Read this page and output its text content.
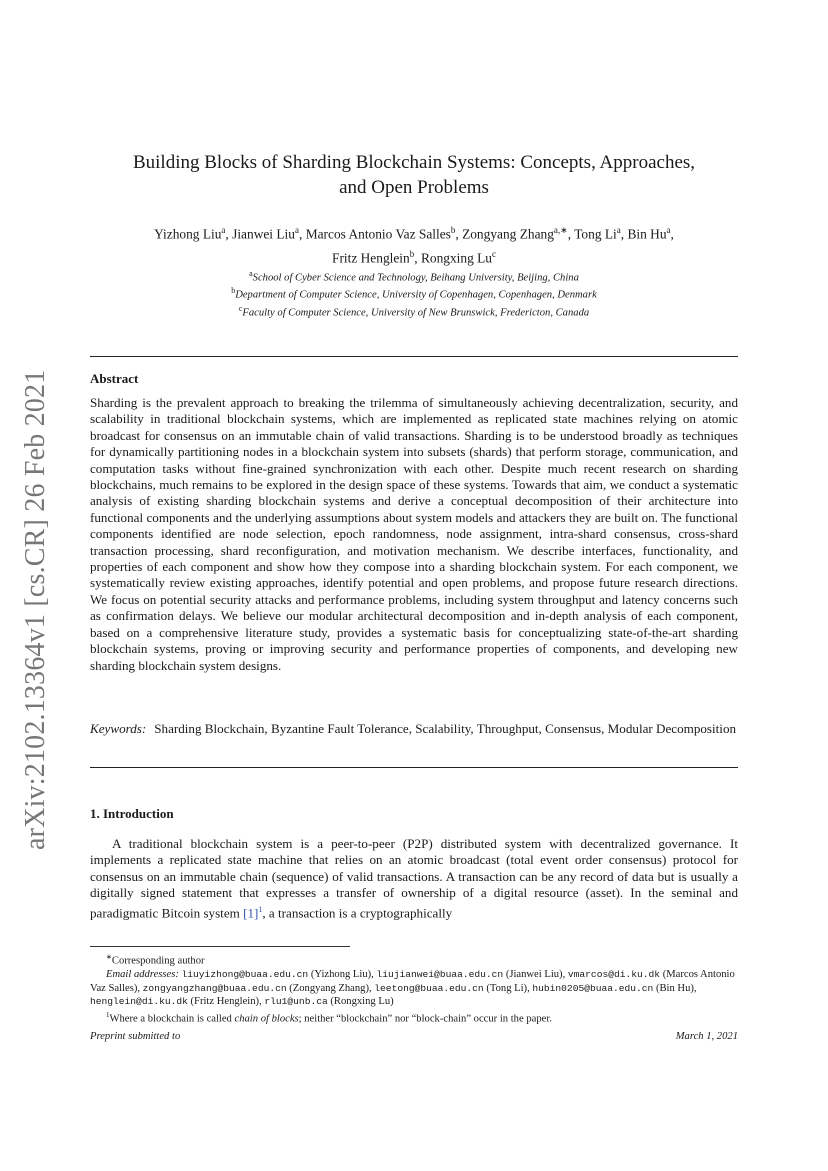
arXiv:2102.13364v1 [cs.CR] 26 Feb 2021
Building Blocks of Sharding Blockchain Systems: Concepts, Approaches,
and Open Problems
Yizhong Liu$^a$, Jianwei Liu$^a$, Marcos Antonio Vaz Salles$^b$, Zongyang Zhang$^{a,∗}$, Tong Li$^a$, Bin Hu$^a$,
Fritz Henglein$^b$, Rongxing Lu$^c$
$^a$School of Cyber Science and Technology, Beihang University, Beijing, China
$^b$Department of Computer Science, University of Copenhagen, Copenhagen, Denmark
$^c$Faculty of Computer Science, University of New Brunswick, Fredericton, Canada
Abstract
Sharding is the prevalent approach to breaking the trilemma of simultaneously achieving decentralization, security, and scalability in traditional blockchain systems, which are implemented as replicated state machines relying on atomic broadcast for consensus on an immutable chain of valid transactions. Sharding is to be understood broadly as techniques for dynamically partitioning nodes in a blockchain system into subsets (shards) that perform storage, communication, and computation tasks without fine-grained synchronization with each other. Despite much recent research on sharding blockchains, much remains to be explored in the design space of these systems. Towards that aim, we conduct a systematic analysis of existing sharding blockchain systems and derive a conceptual decomposition of their architecture into functional components and the underlying assumptions about system models and attackers they are built on. The functional components identified are node selection, epoch randomness, node assignment, intra-shard consensus, cross-shard transaction processing, shard reconfiguration, and motivation mechanism. We describe interfaces, functionality, and properties of each component and show how they compose into a sharding blockchain system. For each component, we systematically review existing approaches, identify potential and open problems, and propose future research directions. We focus on potential security attacks and performance problems, including system throughput and latency concerns such as confirmation delays. We believe our modular architectural decomposition and in-depth analysis of each component, based on a comprehensive literature study, provides a systematic basis for conceptualizing state-of-the-art sharding blockchain systems, proving or improving security and performance properties of components, and developing new sharding blockchain system designs.
Keywords: Sharding Blockchain, Byzantine Fault Tolerance, Scalability, Throughput, Consensus, Modular Decomposition
1. Introduction
A traditional blockchain system is a peer-to-peer (P2P) distributed system with decentralized governance. It implements a replicated state machine that relies on an atomic broadcast (total event order consensus) protocol for consensus on an immutable chain (sequence) of valid transactions. A transaction can be any record of data but is usually a digitally signed statement that expresses a transfer of ownership of a digital resource (asset). In the seminal and paradigmatic Bitcoin system $[1]^1$, a transaction is a cryptographically
∗Corresponding author
Email addresses: liuyizhong@buaa.edu.cn (Yizhong Liu), liujianwei@buaa.edu.cn (Jianwei Liu), vmarcos@di.ku.dk (Marcos Antonio Vaz Salles), zongyangzhang@buaa.edu.cn (Zongyang Zhang), leetong@buaa.edu.cn (Tong Li), hubin0205@buaa.edu.cn (Bin Hu), henglein@di.ku.dk (Fritz Henglein), rlu1@unb.ca (Rongxing Lu)
$^1$Where a blockchain is called chain of blocks; neither “blockchain” nor “block-chain” occur in the paper.
Preprint submitted to	March 1, 2021
